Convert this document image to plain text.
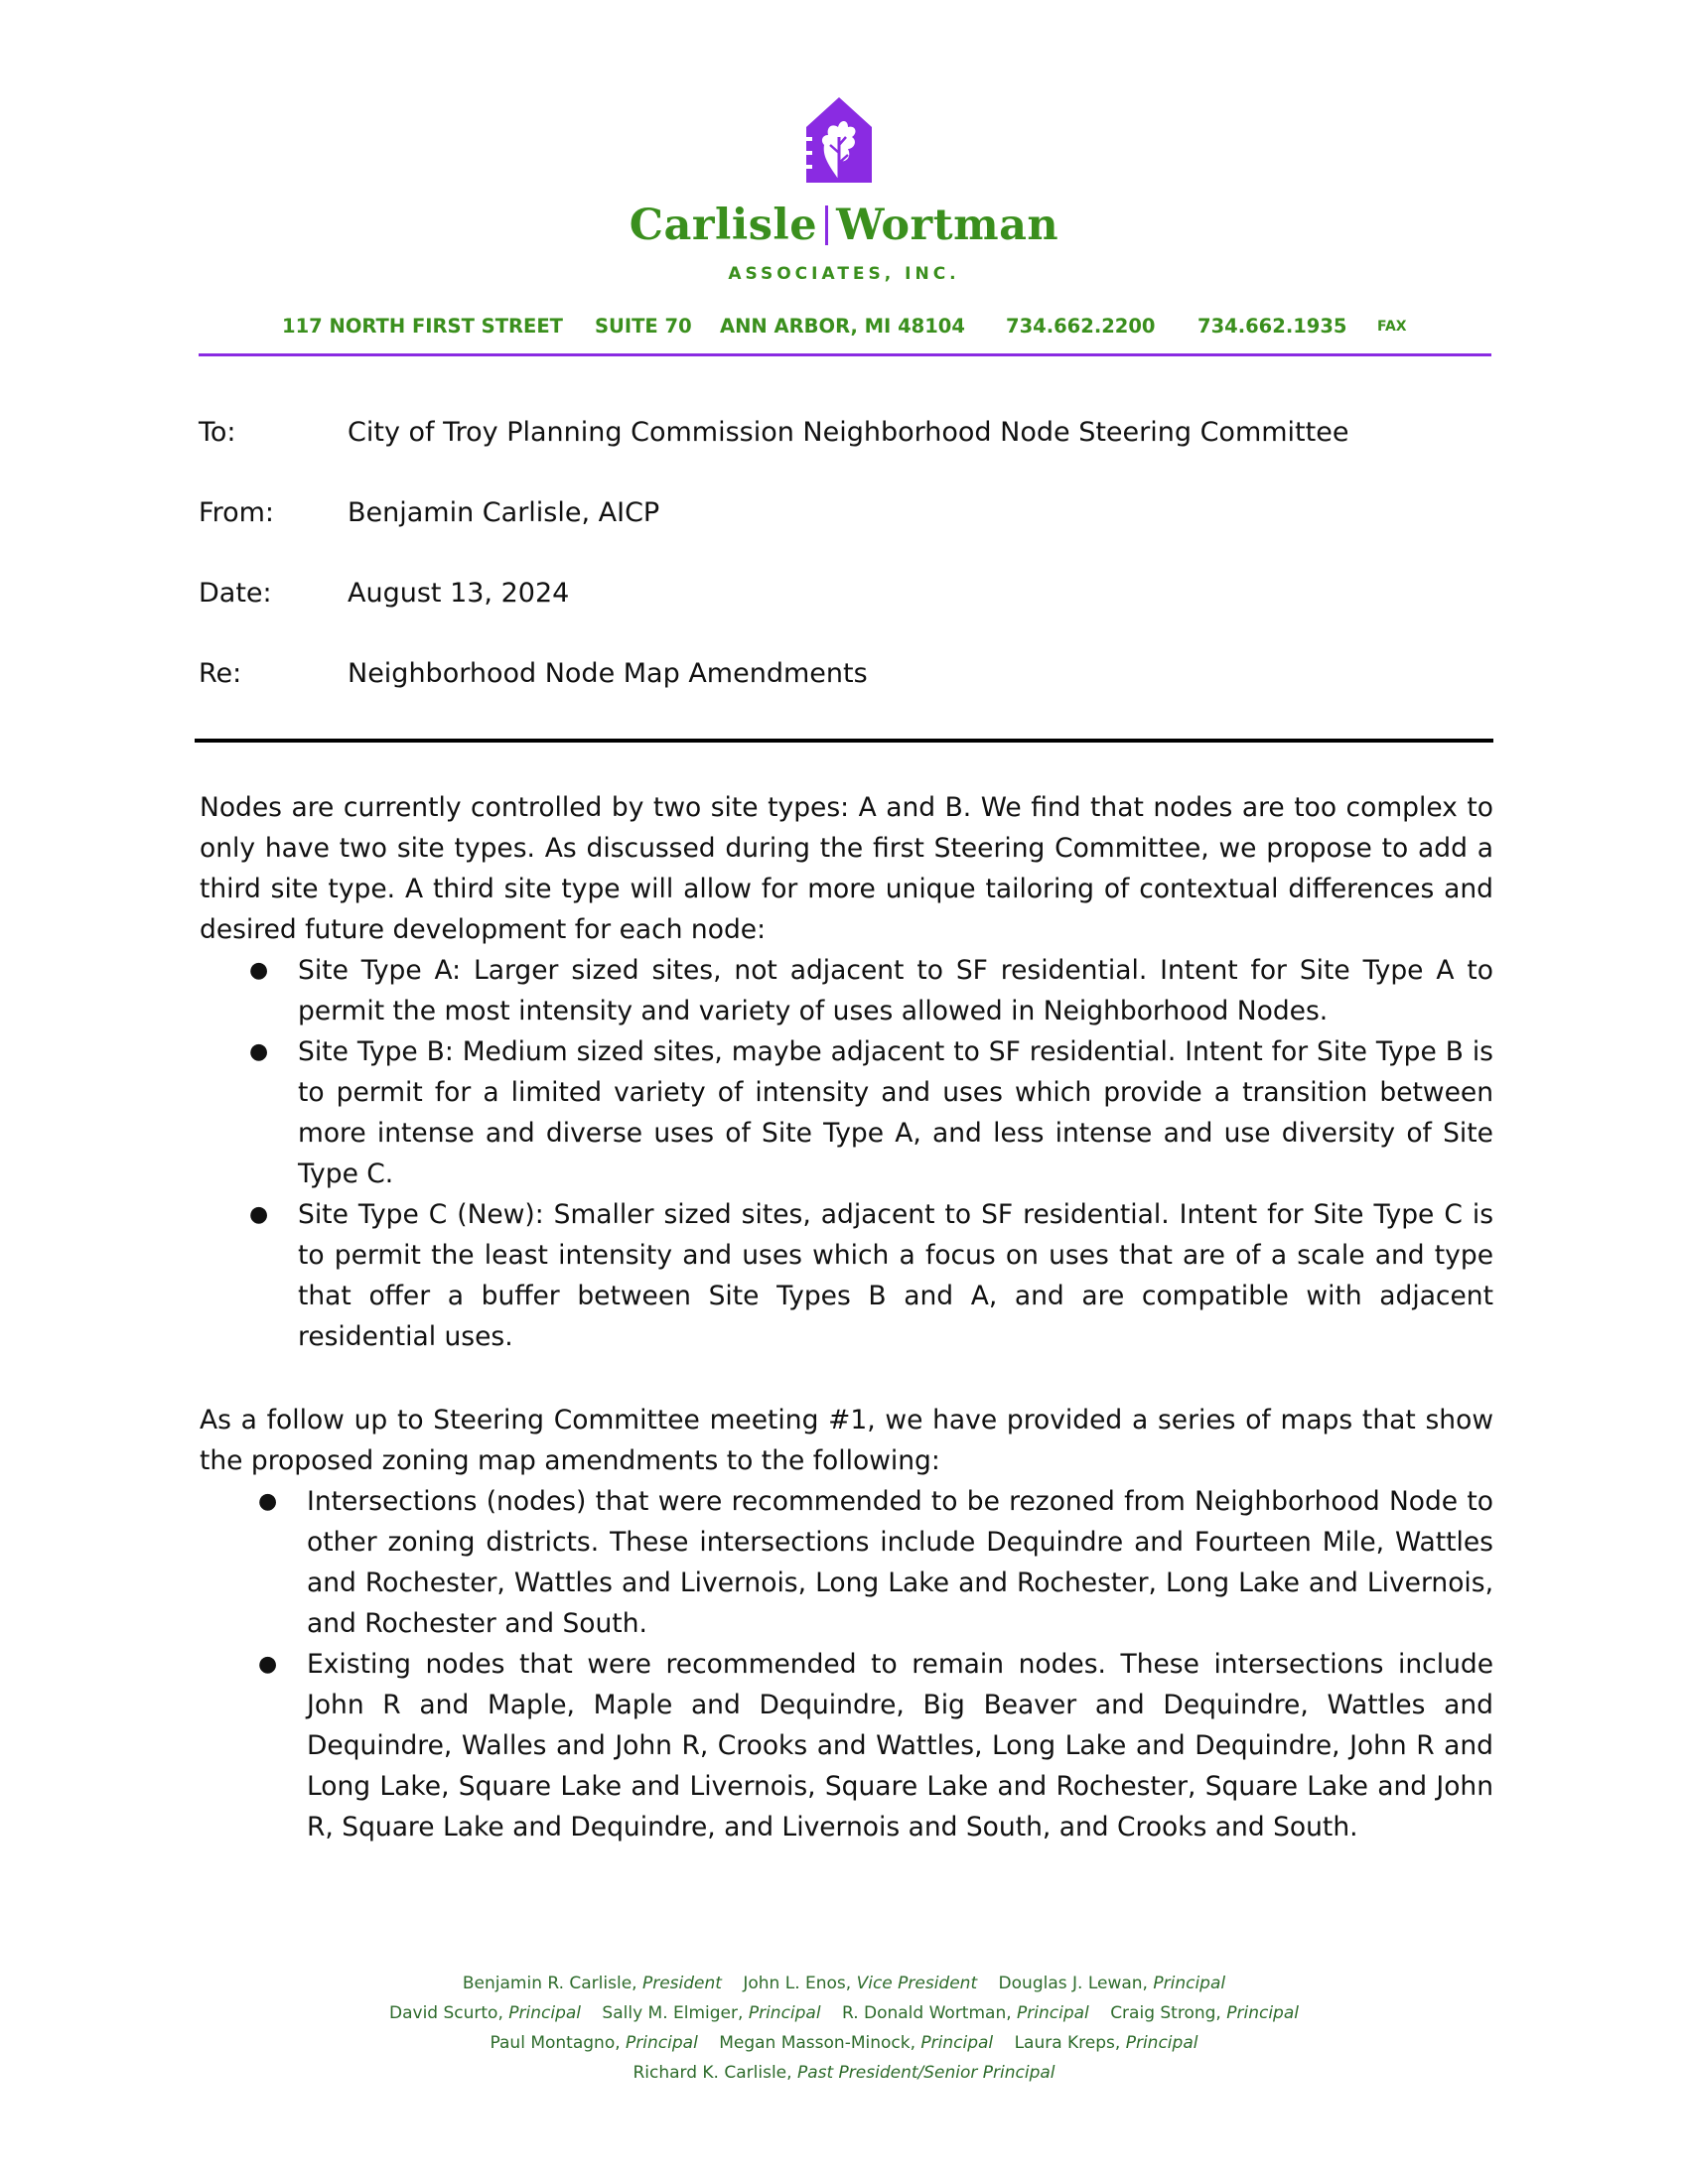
Carlisle Wortman
ASSOCIATES, INC.
117 NORTH FIRST STREET SUITE 70 ANN ARBOR, MI 48104 734.662.2200 734.662.1935 FAX
To:	City of Troy Planning Commission Neighborhood Node Steering Committee
From:	Benjamin Carlisle, AICP
Date:	August 13, 2024
Re:	Neighborhood Node Map Amendments

Nodes are currently controlled by two site types: A and B. We find that nodes are too complex to only have two site types. As discussed during the first Steering Committee, we propose to add a third site type. A third site type will allow for more unique tailoring of contextual differences and desired future development for each node:

● Site Type A: Larger sized sites, not adjacent to SF residential. Intent for Site Type A to permit the most intensity and variety of uses allowed in Neighborhood Nodes.
● Site Type B: Medium sized sites, maybe adjacent to SF residential. Intent for Site Type B is to permit for a limited variety of intensity and uses which provide a transition between more intense and diverse uses of Site Type A, and less intense and use diversity of Site Type C.
● Site Type C (New): Smaller sized sites, adjacent to SF residential. Intent for Site Type C is to permit the least intensity and uses which a focus on uses that are of a scale and type that offer a buffer between Site Types B and A, and are compatible with adjacent residential uses.

As a follow up to Steering Committee meeting #1, we have provided a series of maps that show the proposed zoning map amendments to the following:

● Intersections (nodes) that were recommended to be rezoned from Neighborhood Node to other zoning districts. These intersections include Dequindre and Fourteen Mile, Wattles and Rochester, Wattles and Livernois, Long Lake and Rochester, Long Lake and Livernois, and Rochester and South.
● Existing nodes that were recommended to remain nodes. These intersections include John R and Maple, Maple and Dequindre, Big Beaver and Dequindre, Wattles and Dequindre, Walles and John R, Crooks and Wattles, Long Lake and Dequindre, John R and Long Lake, Square Lake and Livernois, Square Lake and Rochester, Square Lake and John R, Square Lake and Dequindre, and Livernois and South, and Crooks and South.
Benjamin R. Carlisle, President John L. Enos, Vice President Douglas J. Lewan, Principal
David Scurto, Principal Sally M. Elmiger, Principal R. Donald Wortman, Principal Craig Strong, Principal
Paul Montagno, Principal Megan Masson-Minock, Principal Laura Kreps, Principal
Richard K. Carlisle, Past President/Senior Principal
